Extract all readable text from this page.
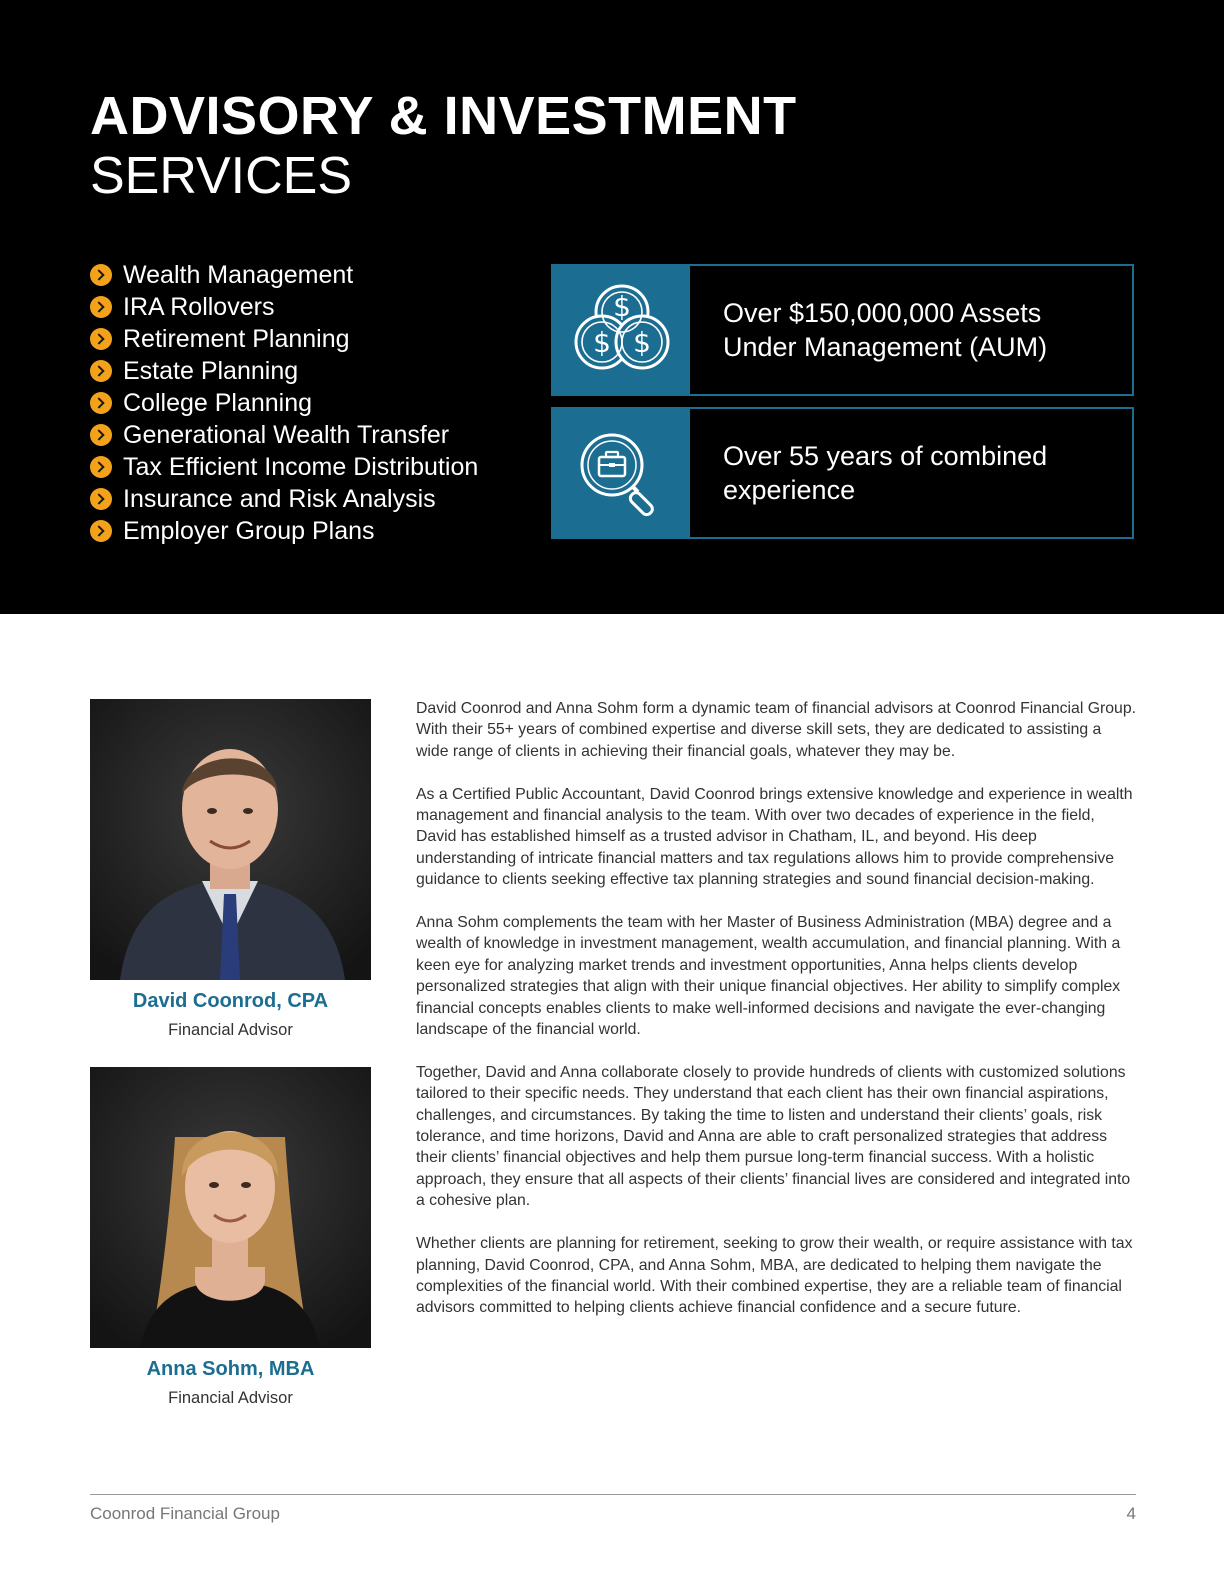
ADVISORY & INVESTMENT
SERVICES
Wealth Management
IRA Rollovers
Retirement Planning
Estate Planning
College Planning
Generational Wealth Transfer
Tax Efficient Income Distribution
Insurance and Risk Analysis
Employer Group Plans
$
$ $
Over $150,000,000 Assets Under Management (AUM)
Over 55 years of combined experience
David Coonrod, CPA
Financial Advisor
Anna Sohm, MBA
Financial Advisor

David Coonrod and Anna Sohm form a dynamic team of financial advisors at Coonrod Financial Group. With their 55+ years of combined expertise and diverse skill sets, they are dedicated to assisting a wide range of clients in achieving their financial goals, whatever they may be.

As a Certified Public Accountant, David Coonrod brings extensive knowledge and experience in wealth management and financial analysis to the team. With over two decades of experience in the field, David has established himself as a trusted advisor in Chatham, IL, and beyond. His deep understanding of intricate financial matters and tax regulations allows him to provide comprehensive guidance to clients seeking effective tax planning strategies and sound financial decision-making.

Anna Sohm complements the team with her Master of Business Administration (MBA) degree and a wealth of knowledge in investment management, wealth accumulation, and financial planning. With a keen eye for analyzing market trends and investment opportunities, Anna helps clients develop personalized strategies that align with their unique financial objectives. Her ability to simplify complex financial concepts enables clients to make well-informed decisions and navigate the ever-changing landscape of the financial world.

Together, David and Anna collaborate closely to provide hundreds of clients with customized solutions tailored to their specific needs. They understand that each client has their own financial aspirations, challenges, and circumstances. By taking the time to listen and understand their clients’ goals, risk tolerance, and time horizons, David and Anna are able to craft personalized strategies that address their clients’ financial objectives and help them pursue long-term financial success. With a holistic approach, they ensure that all aspects of their clients’ financial lives are considered and integrated into a cohesive plan.

Whether clients are planning for retirement, seeking to grow their wealth, or require assistance with tax planning, David Coonrod, CPA, and Anna Sohm, MBA, are dedicated to helping them navigate the complexities of the financial world. With their combined expertise, they are a reliable team of financial advisors committed to helping clients achieve financial confidence and a secure future.

Coonrod Financial Group	4
